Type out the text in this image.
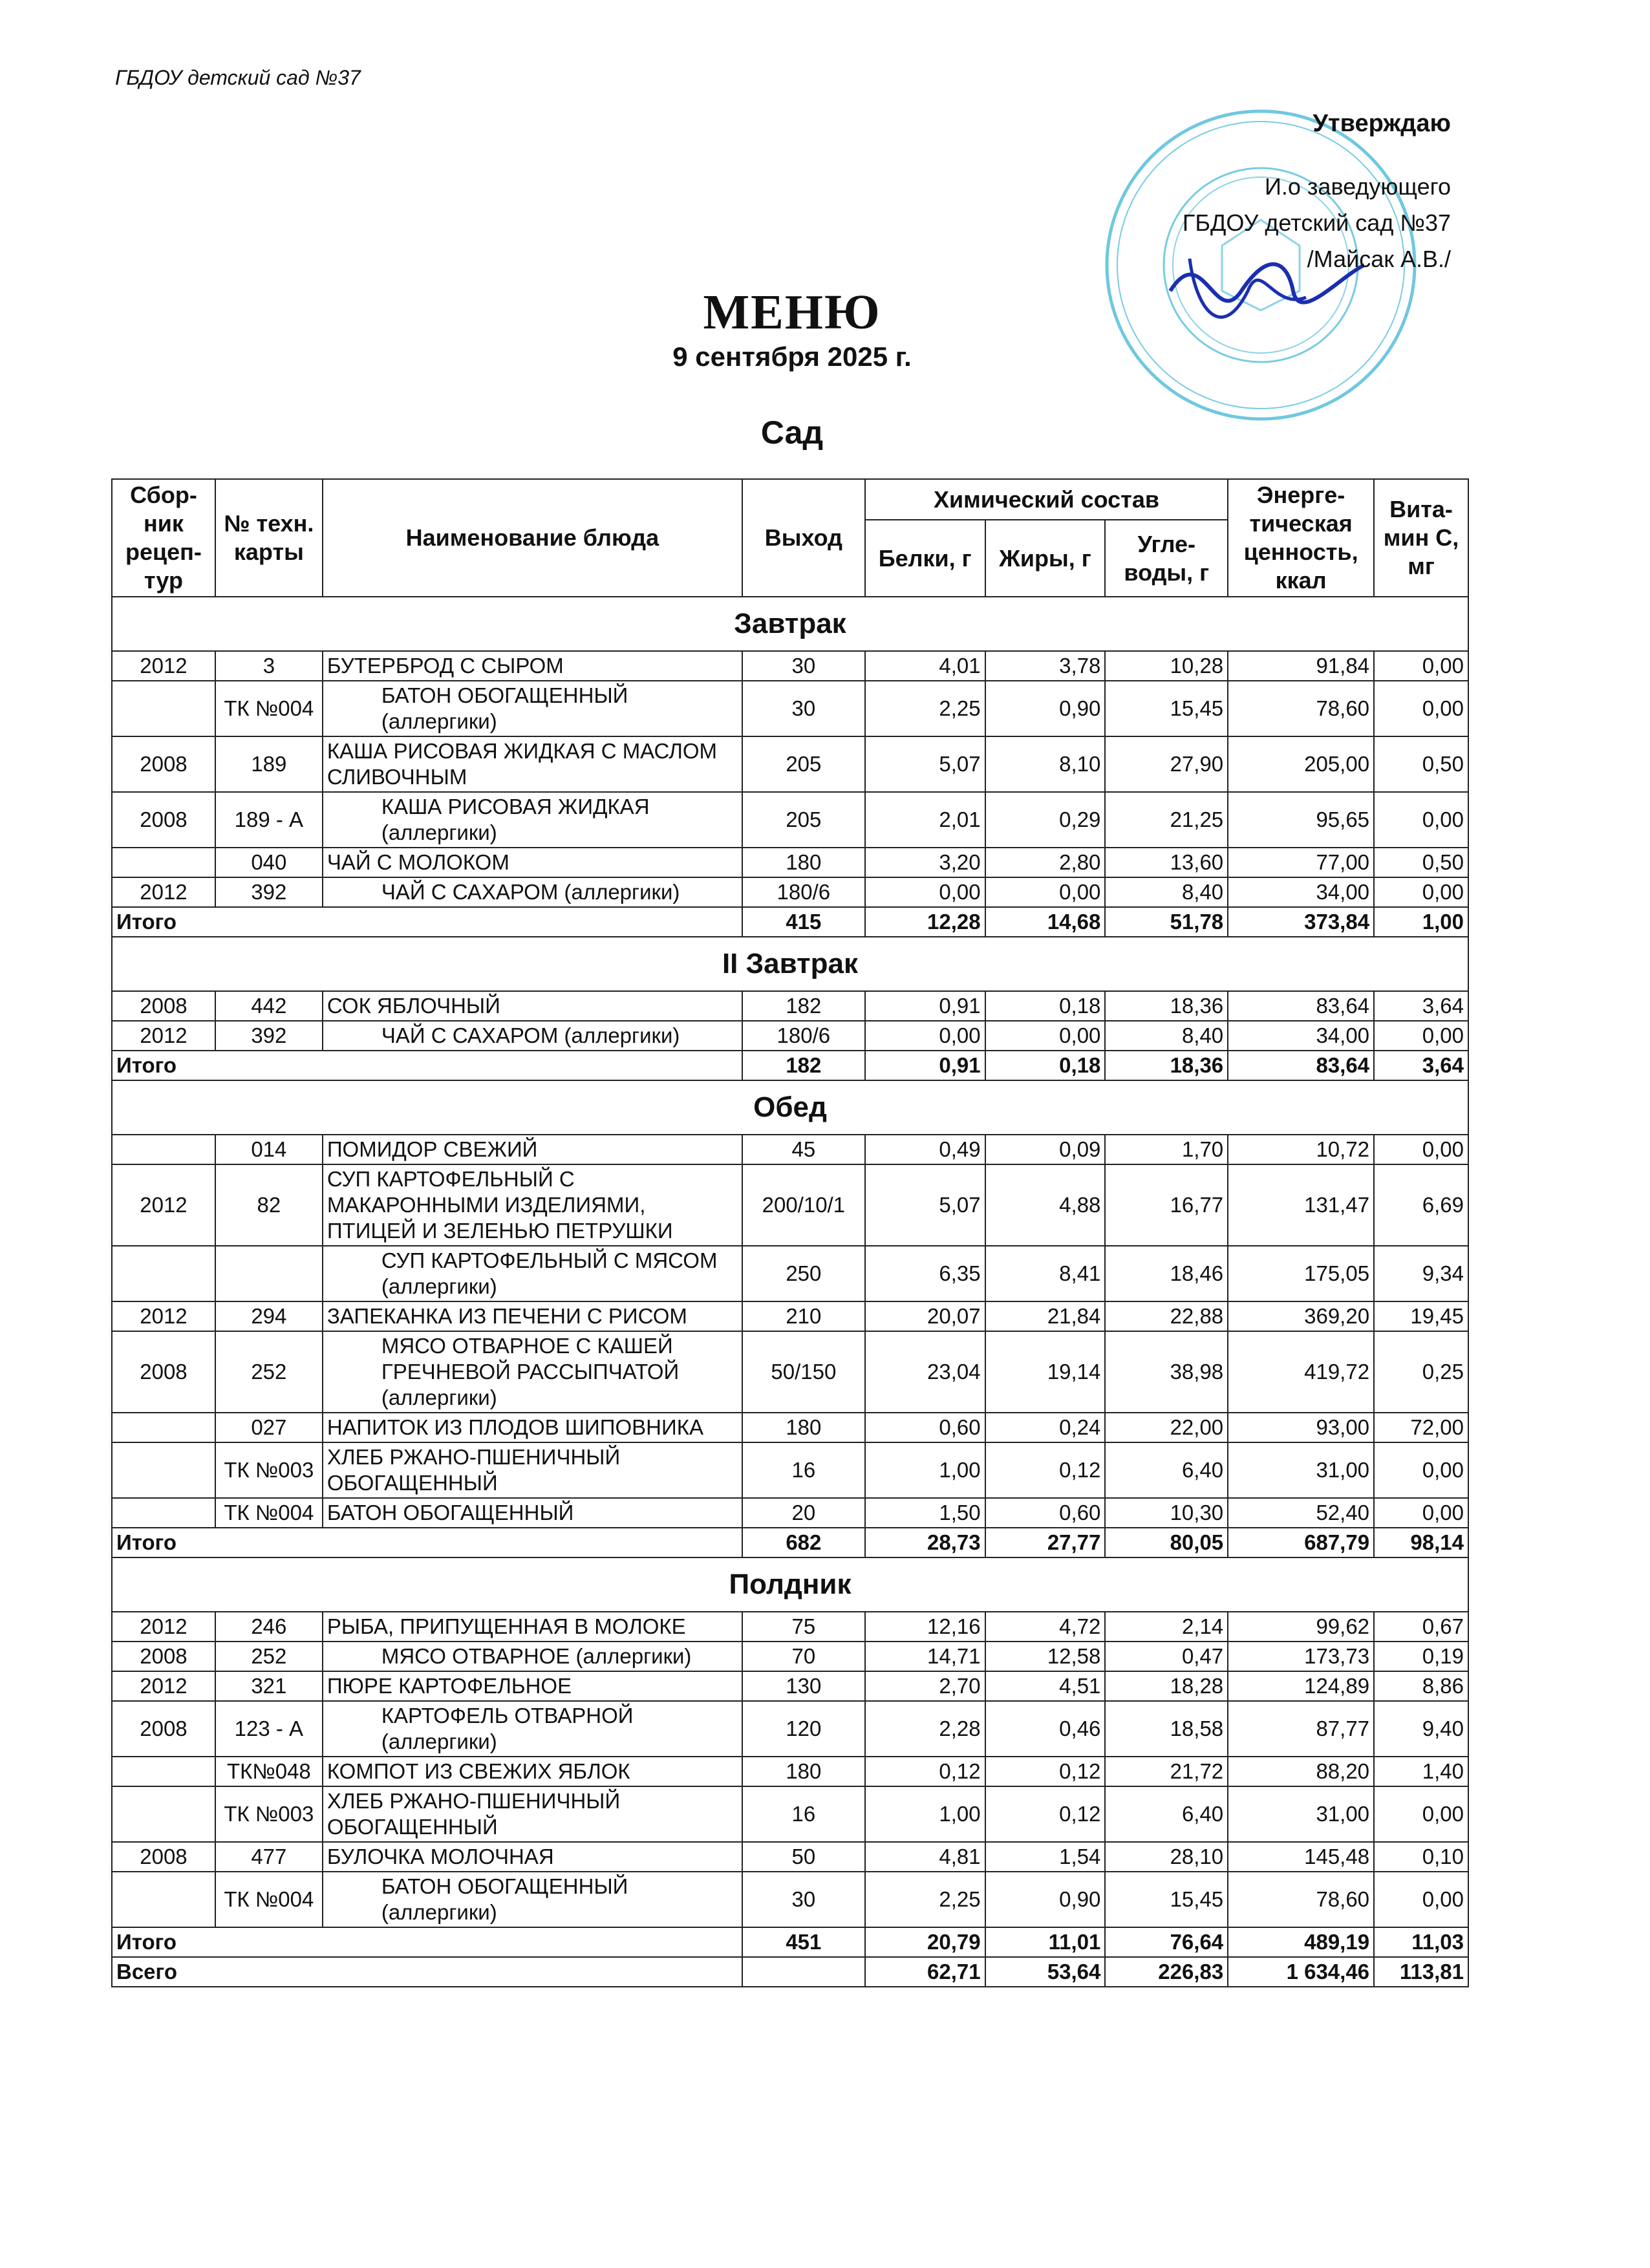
ГБДОУ детский сад №37
Утверждаю
И.о заведующего
ГБДОУ детский сад №37
/Майсак А.В./
МЕНЮ
9 сентября 2025 г.
Сад
Сбор-ник рецеп-тур	№ техн. карты	Наименование блюда	Выход	Химический состав			Энерге-тическая ценность, ккал	Вита-мин С, мг
				Белки, г	Жиры, г	Угле-воды, г		
Завтрак								
2012	3	БУТЕРБРОД С СЫРОМ	30	4,01	3,78	10,28	91,84	0,00
	ТК №004	БАТОН ОБОГАЩЕННЫЙ (аллергики)	30	2,25	0,90	15,45	78,60	0,00
2008	189	КАША РИСОВАЯ ЖИДКАЯ С МАСЛОМ СЛИВОЧНЫМ	205	5,07	8,10	27,90	205,00	0,50
2008	189 - А	КАША РИСОВАЯ ЖИДКАЯ (аллергики)	205	2,01	0,29	21,25	95,65	0,00
	040	ЧАЙ С МОЛОКОМ	180	3,20	2,80	13,60	77,00	0,50
2012	392	ЧАЙ С САХАРОМ (аллергики)	180/6	0,00	0,00	8,40	34,00	0,00
Итого			415	12,28	14,68	51,78	373,84	1,00
II Завтрак								
2008	442	СОК ЯБЛОЧНЫЙ	182	0,91	0,18	18,36	83,64	3,64
2012	392	ЧАЙ С САХАРОМ (аллергики)	180/6	0,00	0,00	8,40	34,00	0,00
Итого			182	0,91	0,18	18,36	83,64	3,64
Обед								
	014	ПОМИДОР СВЕЖИЙ	45	0,49	0,09	1,70	10,72	0,00
2012	82	СУП КАРТОФЕЛЬНЫЙ С МАКАРОННЫМИ ИЗДЕЛИЯМИ, ПТИЦЕЙ И ЗЕЛЕНЬЮ ПЕТРУШКИ	200/10/1	5,07	4,88	16,77	131,47	6,69
		СУП КАРТОФЕЛЬНЫЙ С МЯСОМ (аллергики)	250	6,35	8,41	18,46	175,05	9,34
2012	294	ЗАПЕКАНКА ИЗ ПЕЧЕНИ С РИСОМ	210	20,07	21,84	22,88	369,20	19,45
2008	252	МЯСО ОТВАРНОЕ С КАШЕЙ ГРЕЧНЕВОЙ РАССЫПЧАТОЙ (аллергики)	50/150	23,04	19,14	38,98	419,72	0,25
	027	НАПИТОК ИЗ ПЛОДОВ ШИПОВНИКА	180	0,60	0,24	22,00	93,00	72,00
	ТК №003	ХЛЕБ РЖАНО-ПШЕНИЧНЫЙ ОБОГАЩЕННЫЙ	16	1,00	0,12	6,40	31,00	0,00
	ТК №004	БАТОН ОБОГАЩЕННЫЙ	20	1,50	0,60	10,30	52,40	0,00
Итого			682	28,73	27,77	80,05	687,79	98,14
Полдник								
2012	246	РЫБА, ПРИПУЩЕННАЯ В МОЛОКЕ	75	12,16	4,72	2,14	99,62	0,67
2008	252	МЯСО ОТВАРНОЕ (аллергики)	70	14,71	12,58	0,47	173,73	0,19
2012	321	ПЮРЕ КАРТОФЕЛЬНОЕ	130	2,70	4,51	18,28	124,89	8,86
2008	123 - А	КАРТОФЕЛЬ ОТВАРНОЙ (аллергики)	120	2,28	0,46	18,58	87,77	9,40
	ТК№048	КОМПОТ ИЗ СВЕЖИХ ЯБЛОК	180	0,12	0,12	21,72	88,20	1,40
	ТК №003	ХЛЕБ РЖАНО-ПШЕНИЧНЫЙ ОБОГАЩЕННЫЙ	16	1,00	0,12	6,40	31,00	0,00
2008	477	БУЛОЧКА МОЛОЧНАЯ	50	4,81	1,54	28,10	145,48	0,10
	ТК №004	БАТОН ОБОГАЩЕННЫЙ (аллергики)	30	2,25	0,90	15,45	78,60	0,00
Итого			451	20,79	11,01	76,64	489,19	11,03
Всего				62,71	53,64	226,83	1 634,46	113,81
